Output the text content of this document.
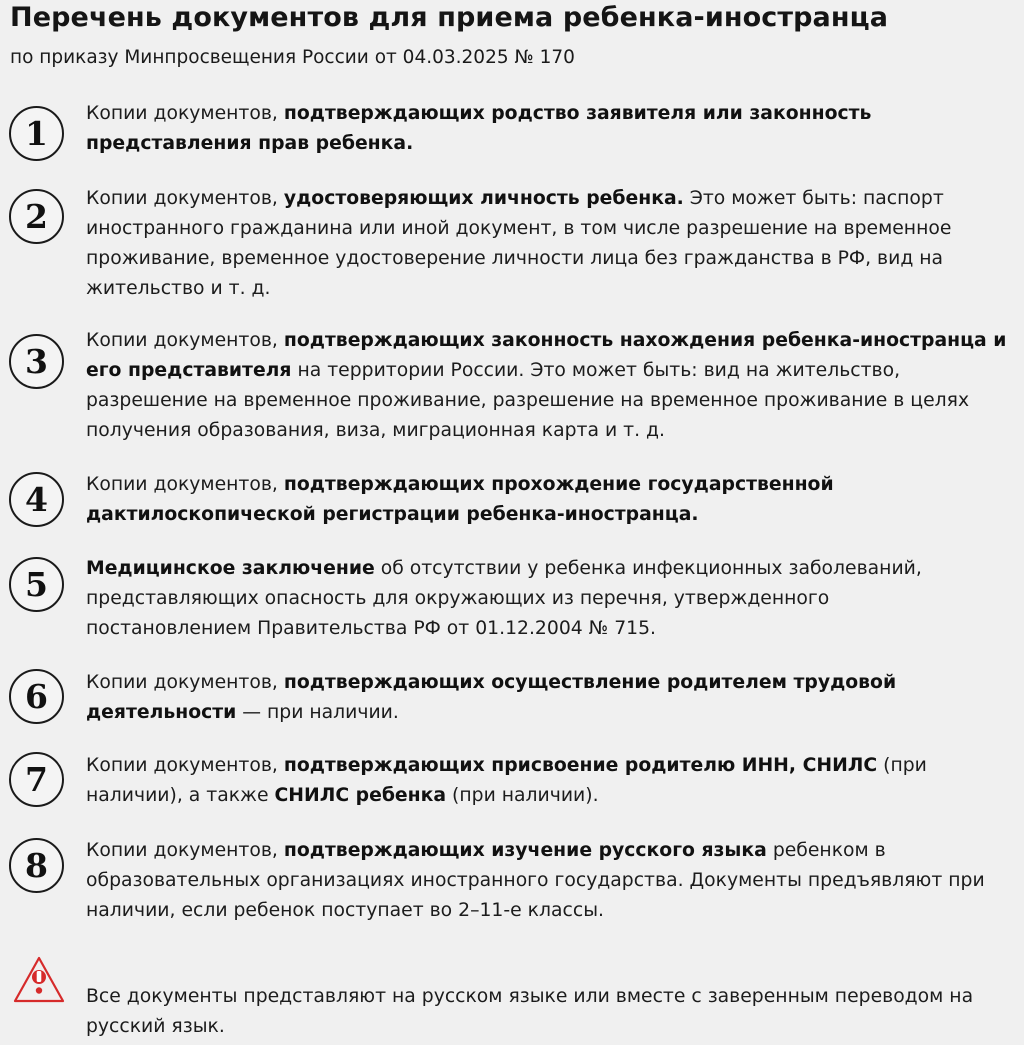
Перечень документов для приема ребенка-иностранца
по приказу Минпросвещения России от 04.03.2025 № 170
1
Копии документов, подтверждающих родство заявителя или законность
представления прав ребенка.
2	Копии документов, удостоверяющих личность ребенка. Это может быть: паспорт
иностранного гражданина или иной документ, в том числе разрешение на временное
проживание, временное удостоверение личности лица без гражданства в РФ, вид на
жительство и т. д.
3
Копии документов, подтверждающих законность нахождения ребенка-иностранца и
его представителя на территории России. Это может быть: вид на жительство,
разрешение на временное проживание, разрешение на временное проживание в целях
получения образования, виза, миграционная карта и т. д.
4	Копии документов, подтверждающих прохождение государственной
дактилоскопической регистрации ребенка-иностранца.
5	Медицинское заключение об отсутствии у ребенка инфекционных заболеваний,
представляющих опасность для окружающих из перечня, утвержденного
постановлением Правительства РФ от 01.12.2004 № 715.
6	Копии документов, подтверждающих осуществление родителем трудовой
деятельности — при наличии.
7	Копии документов, подтверждающих присвоение родителю ИНН, СНИЛС (при
наличии), а также СНИЛС ребенка (при наличии).
8	Копии документов, подтверждающих изучение русского языка ребенком в
образовательных организациях иностранного государства. Документы предъявляют при
наличии, если ребенок поступает во 2–11-е классы.
Все документы представляют на русском языке или вместе с заверенным переводом на
русский язык.
